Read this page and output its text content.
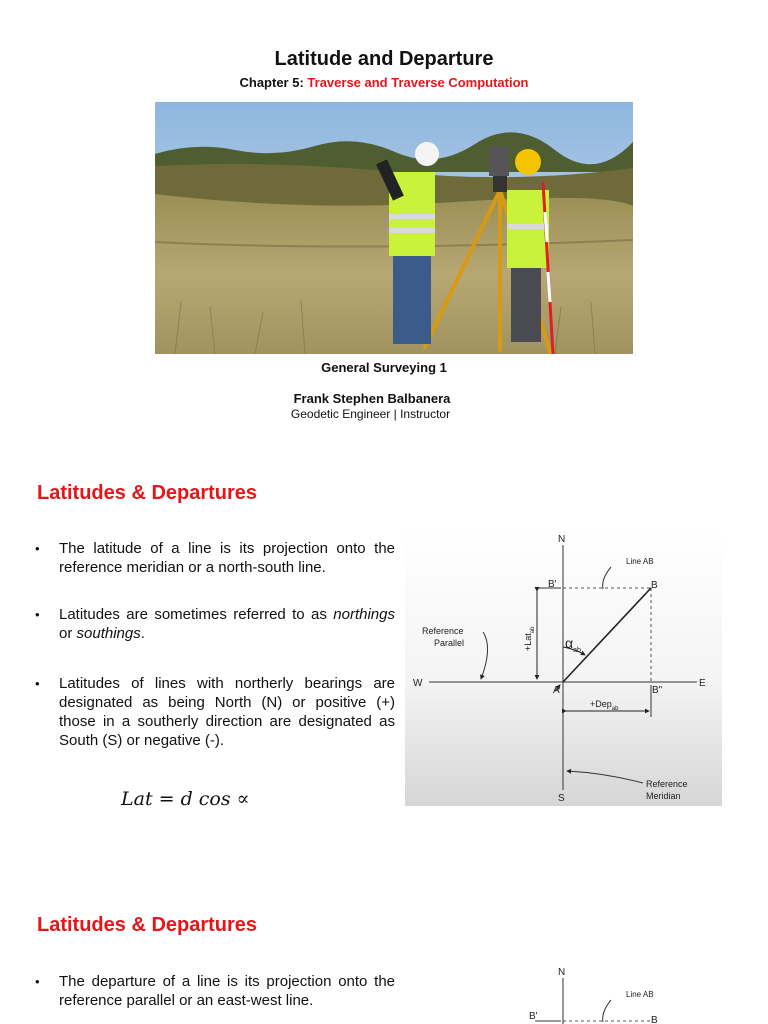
Latitude and Departure
Chapter 5: Traverse and Traverse Computation
General Surveying 1
Frank Stephen Balbanera
Geodetic Engineer | Instructor
Latitudes & Departures
•	The latitude of a line is its projection onto the reference meridian or a north-south line.
•	Latitudes are sometimes referred to as northings or southings.
•	Latitudes of lines with northerly bearings are designated as being North (N) or positive (+) those in a southerly direction are designated as South (S) or negative (-).
Lat = d cos ∝
N
S
E
W
Line AB
B'	B
B"
A
$\alpha_{ab}$
+Lat$_{ab}$
+Dep$_{ab}$
Reference
Parallel
Reference
Meridian
Latitudes & Departures
•	The departure of a line is its projection onto the reference parallel or an east-west line.
N
Line AB
B'	B
